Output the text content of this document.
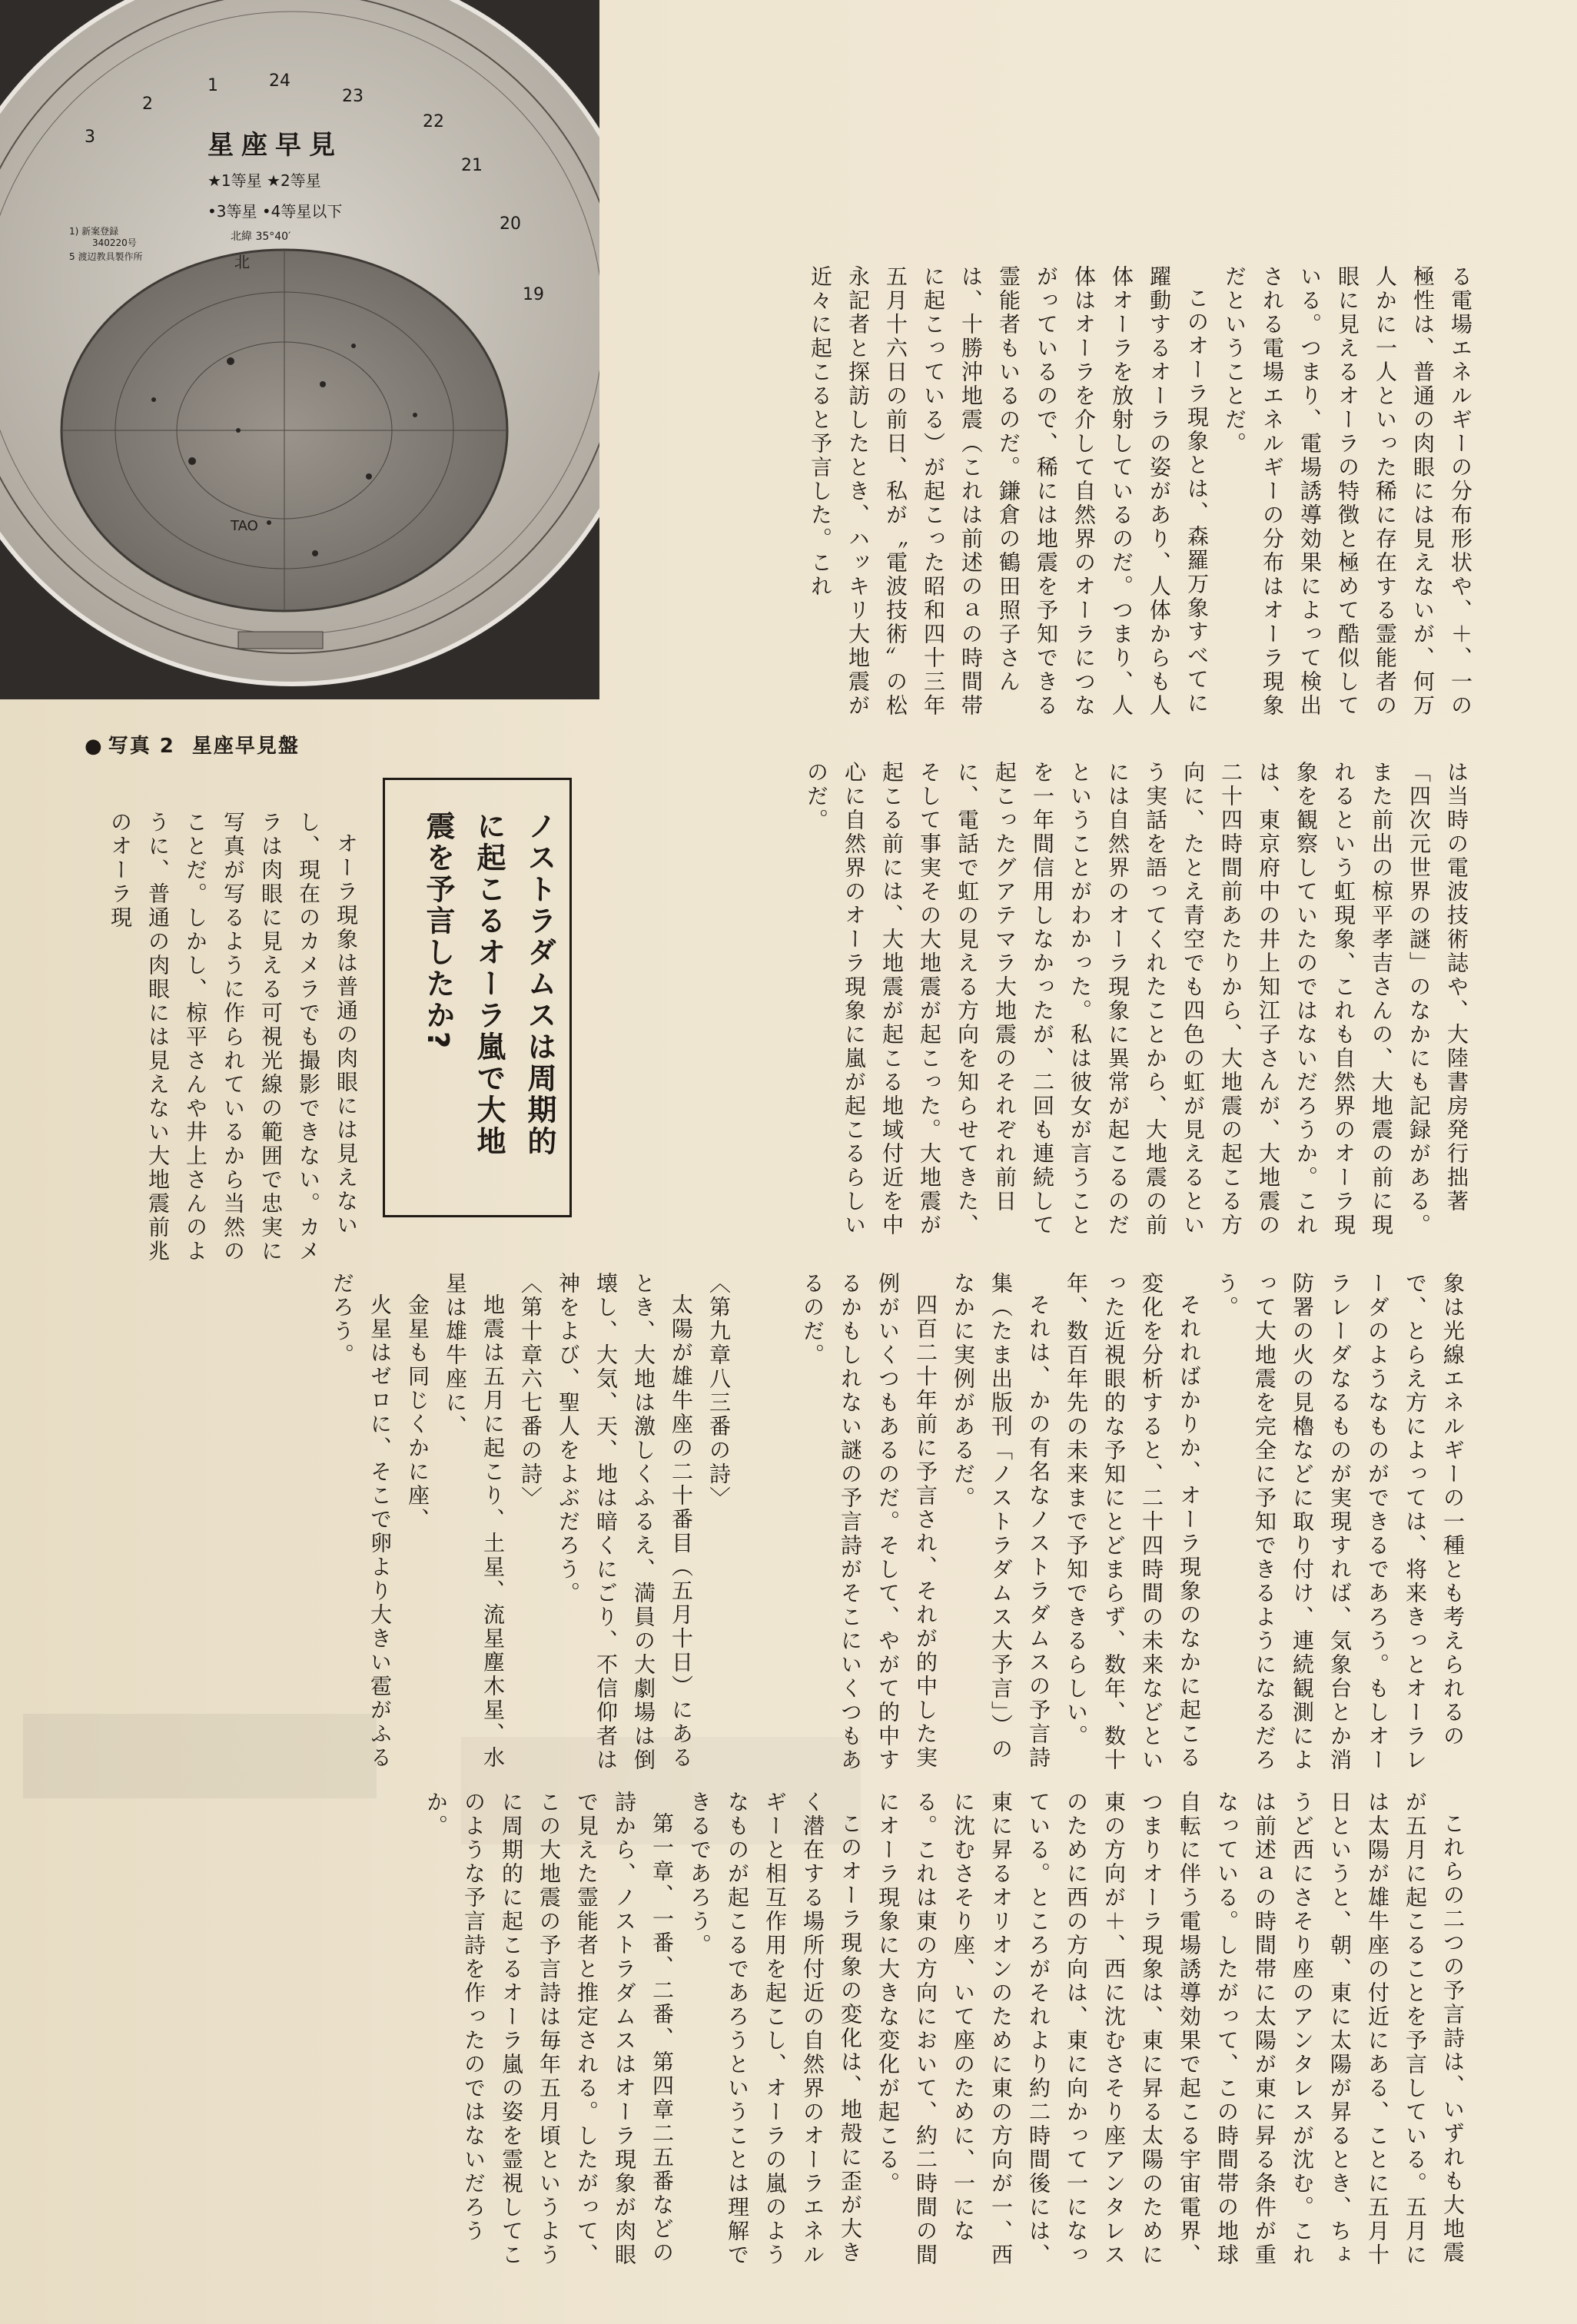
北
TAO
星座早見
★1等星 ★2等星
•3等星 •4等星以下
北緯 35°40′
1) 新案登録
340220号
5 渡辺教具製作所
24
23
22
21
20
19
1
2
3
● 写真 2 星座早見盤

る電場エネルギーの分布形状や、＋、一の極性は、普通の肉眼には見えないが、何万人かに一人といった稀に存在する霊能者の眼に見えるオーラの特徴と極めて酷似している。つまり、電場誘導効果によって検出される電場エネルギーの分布はオーラ現象だということだ。

このオーラ現象とは、森羅万象すべてに躍動するオーラの姿があり、人体からも人体オーラを放射しているのだ。つまり、人体はオーラを介して自然界のオーラにつながっているので、稀には地震を予知できる霊能者もいるのだ。鎌倉の鶴田照子さんは、十勝沖地震（これは前述のａの時間帯に起こっている）が起こった昭和四十三年五月十六日の前日、私が〝電波技術〟の松永記者と探訪したとき、ハッキリ大地震が近々に起こると予言した。これ

は当時の電波技術誌や、大陸書房発行拙著「四次元世界の謎」のなかにも記録がある。また前出の椋平孝吉さんの、大地震の前に現れるという虹現象、これも自然界のオーラ現象を観察していたのではないだろうか。これは、東京府中の井上知江子さんが、大地震の二十四時間前あたりから、大地震の起こる方向に、たとえ青空でも四色の虹が見えるという実話を語ってくれたことから、大地震の前には自然界のオーラ現象に異常が起こるのだということがわかった。私は彼女が言うことを一年間信用しなかったが、二回も連続して起こったグアテマラ大地震のそれぞれ前日に、電話で虹の見える方向を知らせてきた、そして事実その大地震が起こった。大地震が起こる前には、大地震が起こる地域付近を中心に自然界のオーラ現象に嵐が起こるらしいのだ。

ノストラダムスは周期的
に起こるオーラ嵐で大地
震を予言したか?

オーラ現象は普通の肉眼には見えないし、現在のカメラでも撮影できない。カメラは肉眼に見える可視光線の範囲で忠実に写真が写るように作られているから当然のことだ。しかし、椋平さんや井上さんのように、普通の肉眼には見えない大地震前兆のオーラ現

象は光線エネルギーの一種とも考えられるので、とらえ方によっては、将来きっとオーラレーダのようなものができるであろう。もしオーラレーダなるものが実現すれば、気象台とか消防署の火の見櫓などに取り付け、連続観測によって大地震を完全に予知できるようになるだろう。

それればかりか、オーラ現象のなかに起こる変化を分析すると、二十四時間の未来などといった近視眼的な予知にとどまらず、数年、数十年、数百年先の未来まで予知できるらしい。

それは、かの有名なノストラダムスの予言詩集（たま出版刊「ノストラダムス大予言」）のなかに実例があるだ。

四百二十年前に予言され、それが的中した実例がいくつもあるのだ。そして、やがて的中するかもしれない謎の予言詩がそこにいくつもあるのだ。

〈第九章八三番の詩〉

太陽が雄牛座の二十番目（五月十日）にあるとき、大地は激しくふるえ、満員の大劇場は倒壊し、大気、天、地は暗くにごり、不信仰者は神をよび、聖人をよぶだろう。

〈第十章六七番の詩〉

地震は五月に起こり、土星、流星塵木星、水星は雄牛座に、

金星も同じくかに座、

火星はゼロに、そこで卵より大きい雹がふるだろう。

これらの二つの予言詩は、いずれも大地震が五月に起こることを予言している。五月には太陽が雄牛座の付近にある、ことに五月十日というと、朝、東に太陽が昇るとき、ちょうど西にさそり座のアンタレスが沈む。これは前述ａの時間帯に太陽が東に昇る条件が重なっている。したがって、この時間帯の地球自転に伴う電場誘導効果で起こる宇宙電界、つまりオーラ現象は、東に昇る太陽のために東の方向が＋、西に沈むさそり座アンタレスのために西の方向は、東に向かって一になっている。ところがそれより約二時間後には、東に昇るオリオンのために東の方向が一、西に沈むさそり座、いて座のために、一になる。これは東の方向において、約二時間の間にオーラ現象に大きな変化が起こる。

このオーラ現象の変化は、地殻に歪が大きく潜在する場所付近の自然界のオーラエネルギーと相互作用を起こし、オーラの嵐のようなものが起こるであろうということは理解できるであろう。

第一章、一番、二番、第四章二五番などの詩から、ノストラダムスはオーラ現象が肉眼で見えた霊能者と推定される。したがって、この大地震の予言詩は毎年五月頃というように周期的に起こるオーラ嵐の姿を霊視してこのような予言詩を作ったのではないだろうか。
